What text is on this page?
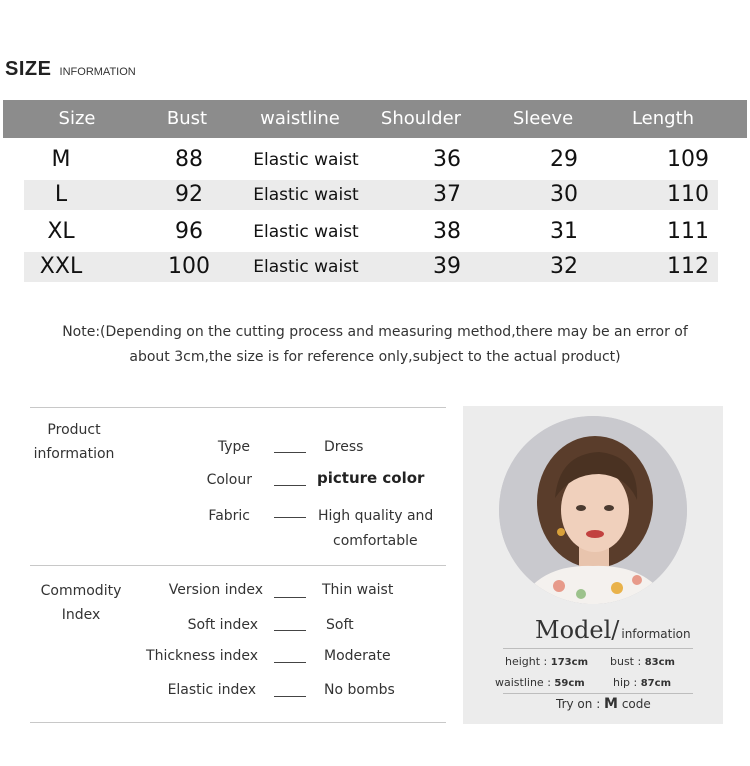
SIZE INFORMATION
Size	Bust	waistline	Shoulder	Sleeve	Length
M	88	Elastic waist	36	29	109
L	92	Elastic waist	37	30	110
XL	96	Elastic waist	38	31	111
XXL	100	Elastic waist	39	32	112
Note:(Depending on the cutting process and measuring method,there may be an error of
about 3cm,the size is for reference only,subject to the actual product)
Product
information	Type	Dress
Colour	picture color
Fabric	High quality and
comfortable
Commodity
Index
Version index	Thin waist
Soft index	Soft
Thickness index	Moderate
Elastic index	No bombs
Model/ information
height : 173cm bust : 83cm
waistline : 59cm	hip : 87cm
Try on : M code
